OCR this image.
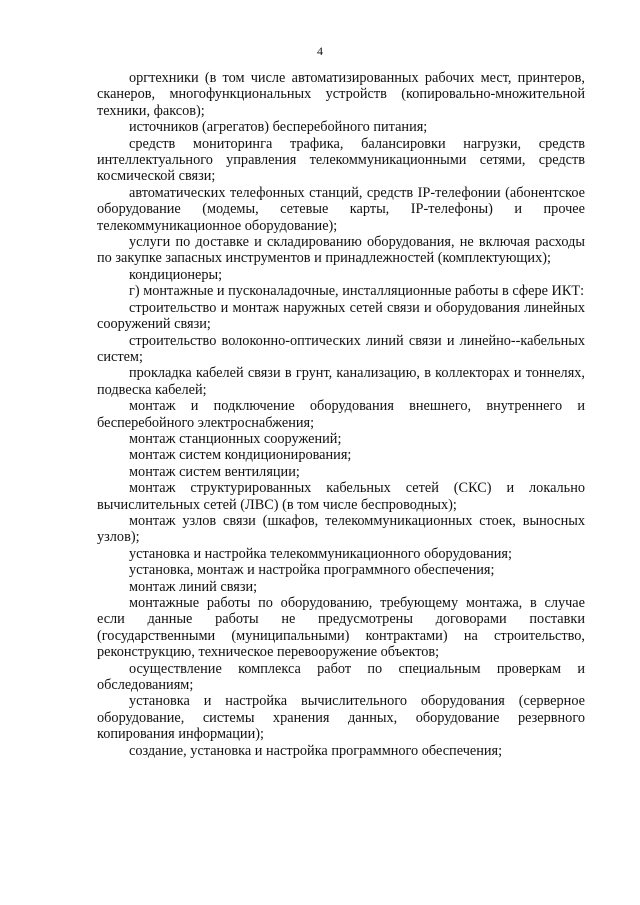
4

оргтехники (в том числе автоматизированных рабочих мест, принтеров, сканеров, многофункциональных устройств (копировально-множительной техники, факсов);

источников (агрегатов) бесперебойного питания;

средств мониторинга трафика, балансировки нагрузки, средств интеллектуального управления телекоммуникационными сетями, средств космической связи;

автоматических телефонных станций, средств IP-телефонии (абонентское оборудование (модемы, сетевые карты, IP-телефоны) и прочее телекоммуникационное оборудование);

услуги по доставке и складированию оборудования, не включая расходы по закупке запасных инструментов и принадлежностей (комплектующих);

кондиционеры;

г) монтажные и пусконаладочные, инсталляционные работы в сфере ИКТ:

строительство и монтаж наружных сетей связи и оборудования линейных сооружений связи;

строительство волоконно-оптических линий связи и линейно--кабельных систем;

прокладка кабелей связи в грунт, канализацию, в коллекторах и тоннелях, подвеска кабелей;

монтаж и подключение оборудования внешнего, внутреннего и бесперебойного электроснабжения;

монтаж станционных сооружений;

монтаж систем кондиционирования;

монтаж систем вентиляции;

монтаж структурированных кабельных сетей (СКС) и локально вычислительных сетей (ЛВС) (в том числе беспроводных);

монтаж узлов связи (шкафов, телекоммуникационных стоек, выносных узлов);

установка и настройка телекоммуникационного оборудования;

установка, монтаж и настройка программного обеспечения;

монтаж линий связи;

монтажные работы по оборудованию, требующему монтажа, в случае если данные работы не предусмотрены договорами поставки (государственными (муниципальными) контрактами) на строительство, реконструкцию, техническое перевооружение объектов;

осуществление комплекса работ по специальным проверкам и обследованиям;

установка и настройка вычислительного оборудования (серверное оборудование, системы хранения данных, оборудование резервного копирования информации);

создание, установка и настройка программного обеспечения;
